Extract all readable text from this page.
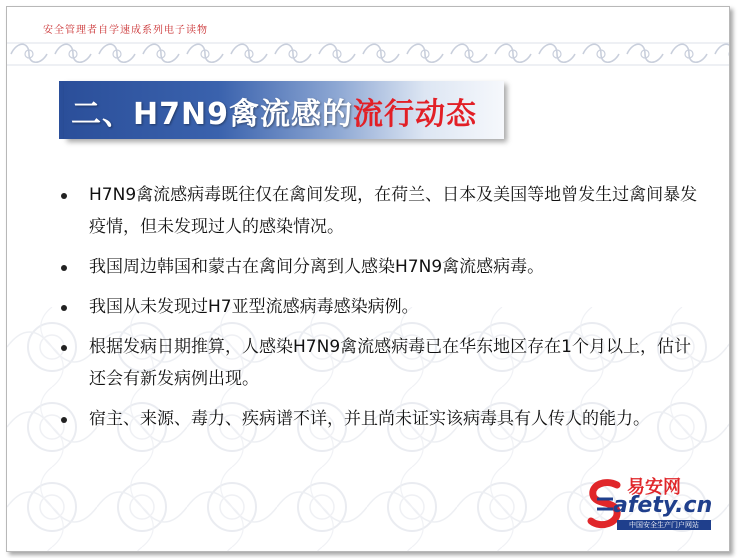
安全管理者自学速成系列电子读物
二、H7N9禽流感的流行动态
H7N9禽流感病毒既往仅在禽间发现，在荷兰、日本及美国等地曾发生过禽间暴发疫情，但未发现过人的感染情况。
我国周边韩国和蒙古在禽间分离到人感染H7N9禽流感病毒。
我国从未发现过H7亚型流感病毒感染病例。
根据发病日期推算，人感染H7N9禽流感病毒已在华东地区存在1个月以上，估计还会有新发病例出现。
宿主、来源、毒力、疾病谱不详，并且尚未证实该病毒具有人传人的能力。
易安网
afety.cn
中国安全生产门户网站
